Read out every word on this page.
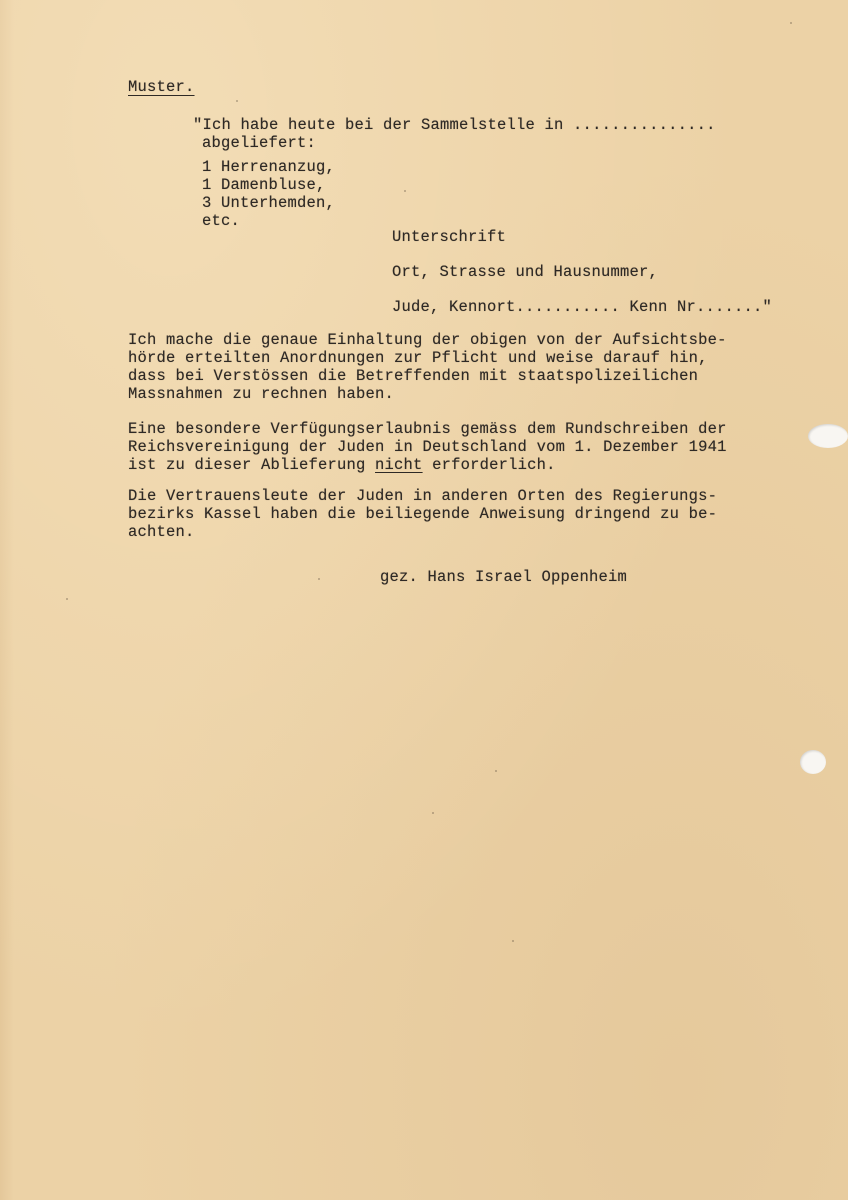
Muster.
"Ich habe heute bei der Sammelstelle in ...............
abgeliefert:
1 Herrenanzug,
1 Damenbluse,
3 Unterhemden,
etc.
Unterschrift
Ort, Strasse und Hausnummer,
Jude, Kennort........... Kenn Nr......."
Ich mache die genaue Einhaltung der obigen von der Aufsichtsbe-
hörde erteilten Anordnungen zur Pflicht und weise darauf hin,
dass bei Verstössen die Betreffenden mit staatspolizeilichen
Massnahmen zu rechnen haben.
Eine besondere Verfügungserlaubnis gemäss dem Rundschreiben der
Reichsvereinigung der Juden in Deutschland vom 1. Dezember 1941
ist zu dieser Ablieferung nicht erforderlich.
Die Vertrauensleute der Juden in anderen Orten des Regierungs-
bezirks Kassel haben die beiliegende Anweisung dringend zu be-
achten.
gez. Hans Israel Oppenheim
